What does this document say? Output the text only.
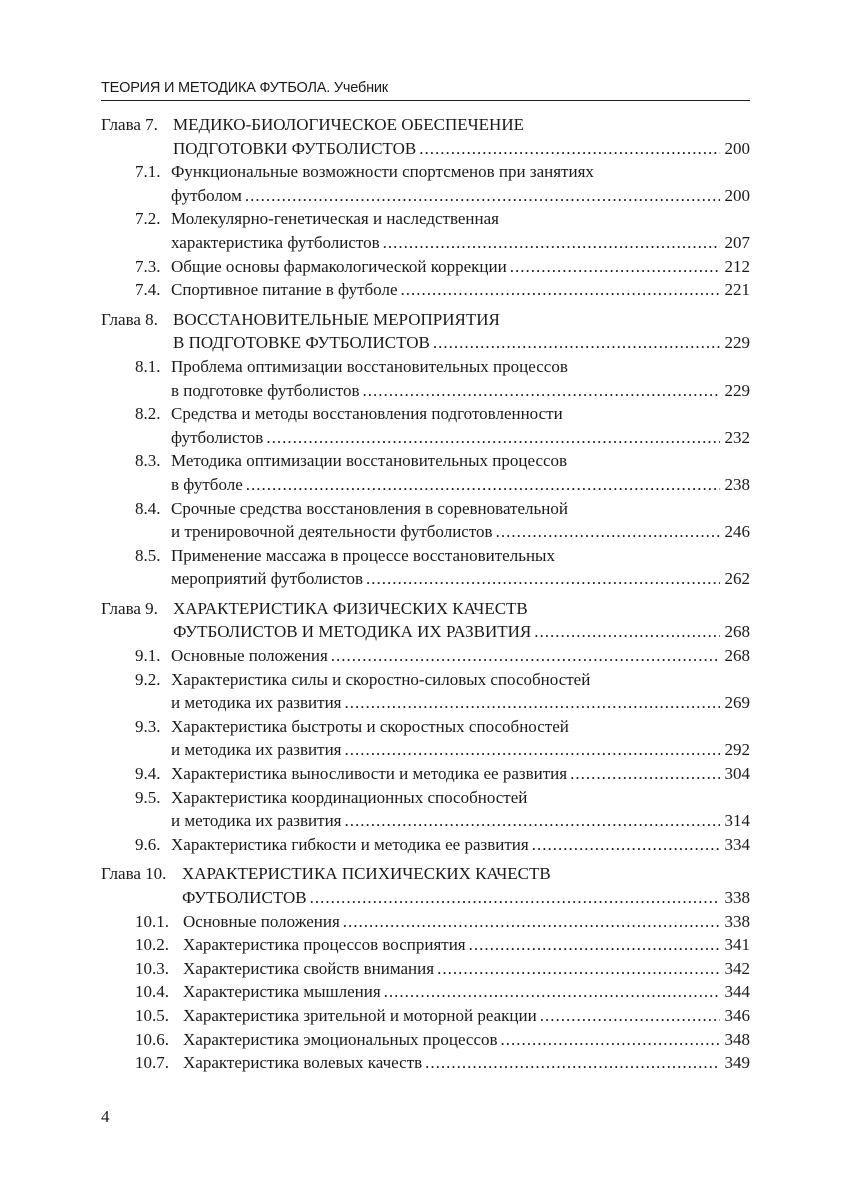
ТЕОРИЯ И МЕТОДИКА ФУТБОЛА. Учебник
Глава 7. МЕДИКО-БИОЛОГИЧЕСКОЕ ОБЕСПЕЧЕНИЕ
ПОДГОТОВКИ ФУТБОЛИСТОВ .....	200
7.1. Функциональные возможности спортсменов при занятиях
футболом .....	200
7.2. Молекулярно-генетическая и наследственная
характеристика футболистов .....	207
7.3. Общие основы фармакологической коррекции .....	212
7.4. Спортивное питание в футболе .....	221
Глава 8. ВОССТАНОВИТЕЛЬНЫЕ МЕРОПРИЯТИЯ
В ПОДГОТОВКЕ ФУТБОЛИСТОВ .....	229
8.1. Проблема оптимизации восстановительных процессов
в подготовке футболистов .....	229
8.2. Средства и методы восстановления подготовленности
футболистов .....	232
8.3. Методика оптимизации восстановительных процессов
в футболе .....	238
8.4. Срочные средства восстановления в соревновательной
и тренировочной деятельности футболистов .....	246
8.5. Применение массажа в процессе восстановительных
мероприятий футболистов .....	262
Глава 9. ХАРАКТЕРИСТИКА ФИЗИЧЕСКИХ КАЧЕСТВ
ФУТБОЛИСТОВ И МЕТОДИКА ИХ РАЗВИТИЯ .....	268
9.1. Основные положения .....	268
9.2. Характеристика силы и скоростно-силовых способностей
и методика их развития .....	269
9.3. Характеристика быстроты и скоростных способностей
и методика их развития .....	292
9.4. Характеристика выносливости и методика ее развития .....	304
9.5. Характеристика координационных способностей
и методика их развития .....	314
9.6. Характеристика гибкости и методика ее развития .....	334
Глава 10. ХАРАКТЕРИСТИКА ПСИХИЧЕСКИХ КАЧЕСТВ
ФУТБОЛИСТОВ .....	338
10.1. Основные положения .....	338
10.2. Характеристика процессов восприятия .....	341
10.3. Характеристика свойств внимания .....	342
10.4. Характеристика мышления .....	344
10.5. Характеристика зрительной и моторной реакции .....	346
10.6. Характеристика эмоциональных процессов .....	348
10.7. Характеристика волевых качеств .....	349
4
